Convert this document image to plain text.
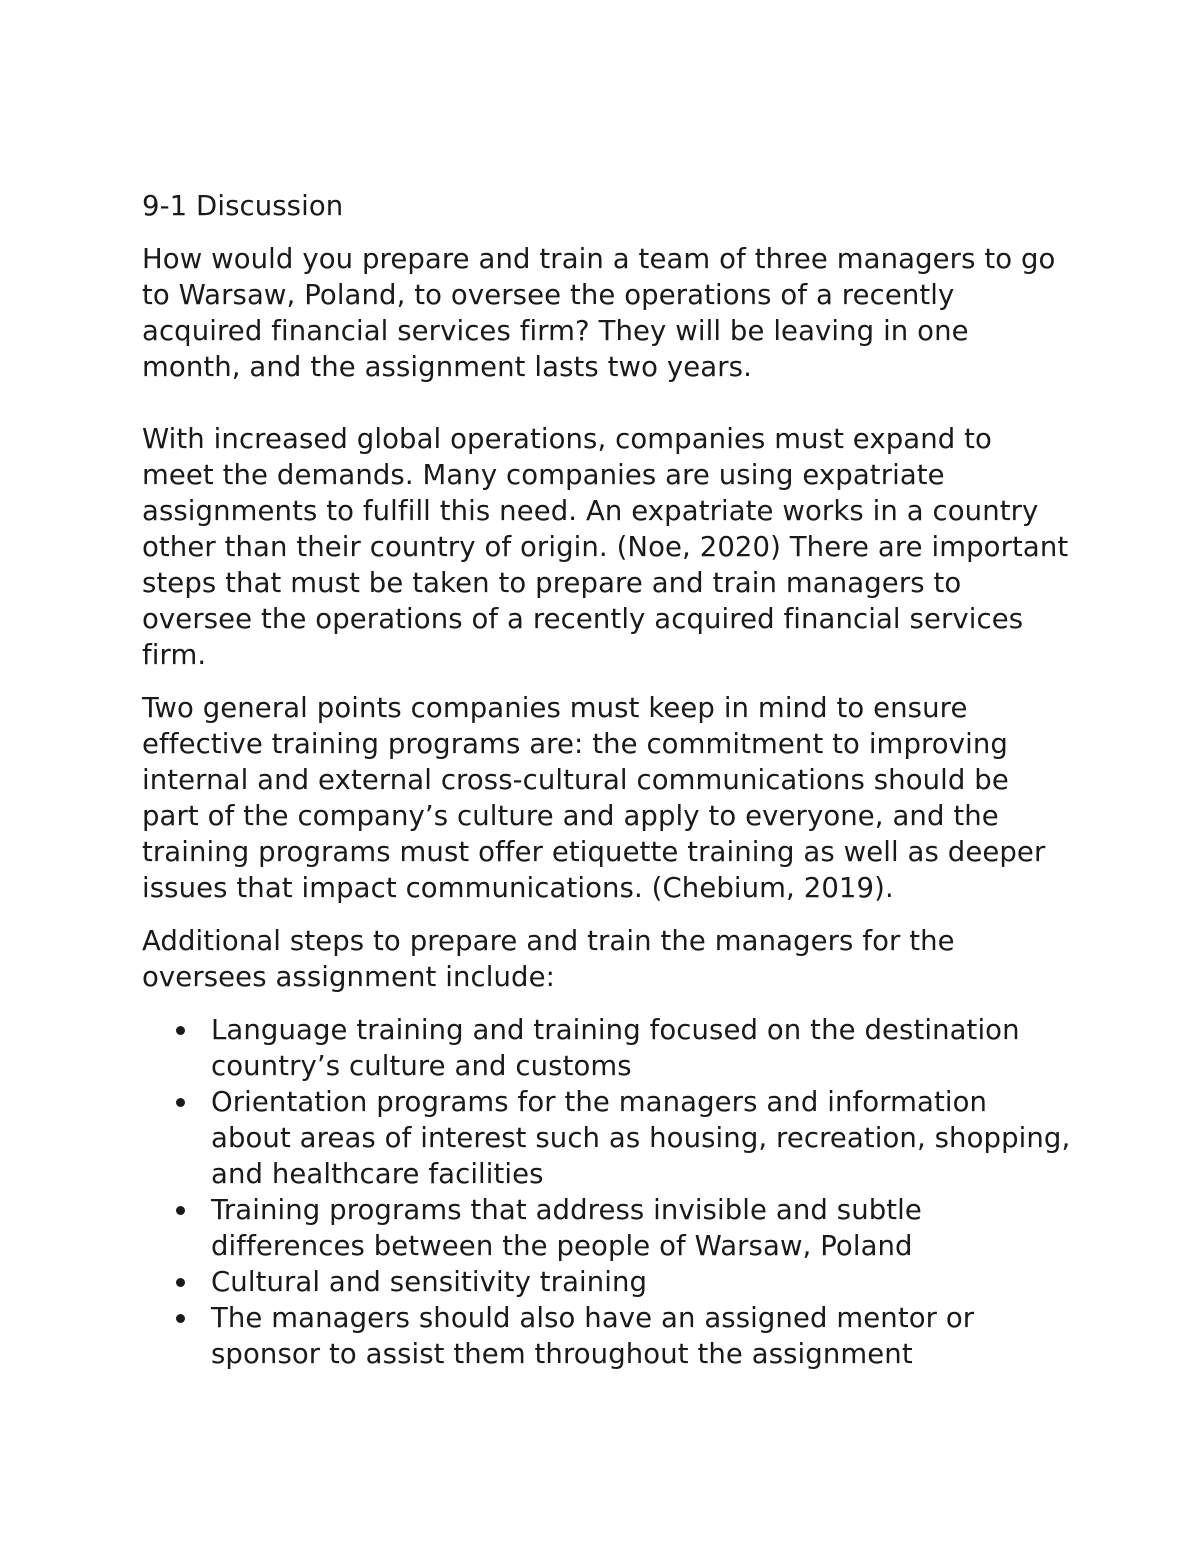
9-1 Discussion

How would you prepare and train a team of three managers to go to Warsaw, Poland, to oversee the operations of a recently acquired financial services firm? They will be leaving in one month, and the assignment lasts two years.

With increased global operations, companies must expand to meet the demands. Many companies are using expatriate assignments to fulfill this need. An expatriate works in a country other than their country of origin. (Noe, 2020) There are important steps that must be taken to prepare and train managers to oversee the operations of a recently acquired financial services firm.

Two general points companies must keep in mind to ensure effective training programs are: the commitment to improving internal and external cross-cultural communications should be part of the company’s culture and apply to everyone, and the training programs must offer etiquette training as well as deeper issues that impact communications. (Chebium, 2019).

Additional steps to prepare and train the managers for the oversees assignment include:

Language training and training focused on the destination country’s culture and customs
Orientation programs for the managers and information about areas of interest such as housing, recreation, shopping, and healthcare facilities
Training programs that address invisible and subtle differences between the people of Warsaw, Poland
Cultural and sensitivity training
The managers should also have an assigned mentor or sponsor to assist them throughout the assignment
